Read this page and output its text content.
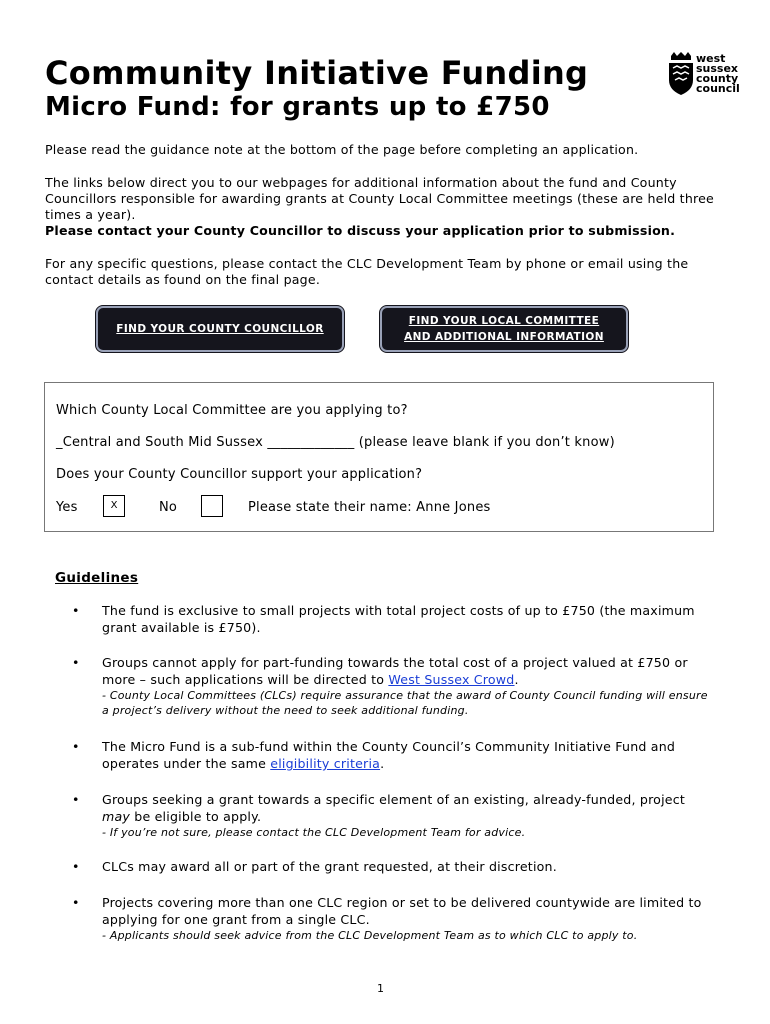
Community Initiative Funding
Micro Fund: for grants up to £750
west
sussex
county
council
Please read the guidance note at the bottom of the page before completing an application.
The links below direct you to our webpages for additional information about the fund and County Councillors responsible for awarding grants at County Local Committee meetings (these are held three times a year).
Please contact your County Councillor to discuss your application prior to submission.
For any specific questions, please contact the CLC Development Team by phone or email using the contact details as found on the final page.
FIND YOUR COUNTY COUNCILLOR
FIND YOUR LOCAL COMMITTEE
AND ADDITIONAL INFORMATION
Which County Local Committee are you applying to?
_Central and South Mid Sussex _____________ (please leave blank if you don’t know)
Does your County Councillor support your application?
Yes	X	No	Please state their name: Anne Jones
Guidelines
• The fund is exclusive to small projects with total project costs of up to £750 (the maximum grant available is £750).
• Groups cannot apply for part-funding towards the total cost of a project valued at £750 or more – such applications will be directed to West Sussex Crowd.
- County Local Committees (CLCs) require assurance that the award of County Council funding will ensure a project’s delivery without the need to seek additional funding.
• The Micro Fund is a sub-fund within the County Council’s Community Initiative Fund and operates under the same eligibility criteria.
• Groups seeking a grant towards a specific element of an existing, already-funded, project may be eligible to apply.
- If you’re not sure, please contact the CLC Development Team for advice.
• CLCs may award all or part of the grant requested, at their discretion.
• Projects covering more than one CLC region or set to be delivered countywide are limited to applying for one grant from a single CLC.
- Applicants should seek advice from the CLC Development Team as to which CLC to apply to.
1
